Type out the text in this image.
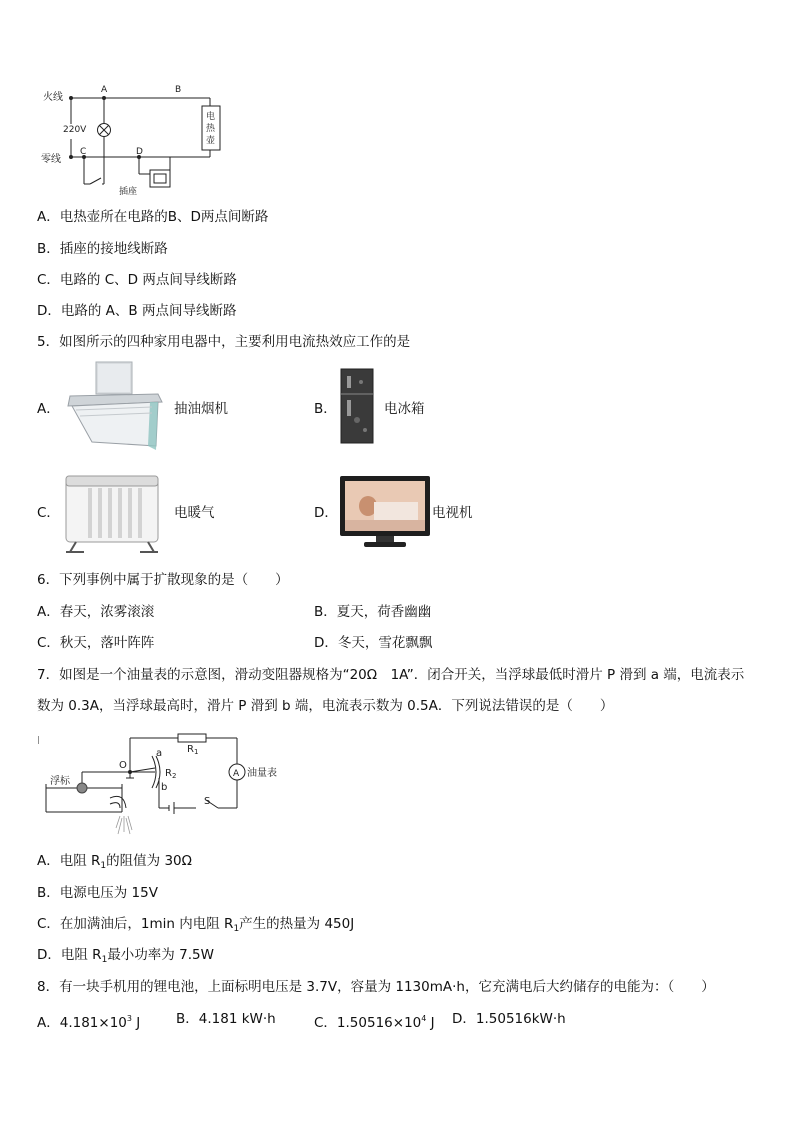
火线
零线
220V
A	B
C	D
电
热
壶
插座
A．电热壶所在电路的B、D两点间断路
B．插座的接地线断路
C．电路的 C、D 两点间导线断路
D．电路的 A、B 两点间导线断路
5．如图所示的四种家用电器中，主要利用电流热效应工作的是
A．	抽油烟机	B．	电冰箱
C．	电暖气	D．	电视机
6．下列事例中属于扩散现象的是（　　）
A．春天，浓雾滚滚	B．夏天，荷香幽幽
C．秋天，落叶阵阵	D．冬天，雪花飘飘
7．如图是一个油量表的示意图，滑动变阻器规格为“20Ω　1A”．闭合开关，当浮球最低时滑片 P 滑到 a 端，电流表示
数为 0.3A，当浮球最高时，滑片 P 滑到 b 端，电流表示数为 0.5A．下列说法错误的是（　　）
$R_1$
$R_2$
a
b
O
S
A 油量表
浮标
A．电阻 $R_1$的阻值为 30Ω
B．电源电压为 15V
C．在加满油后，1min 内电阻 $R_1$产生的热量为 450J
D．电阻 $R_1$最小功率为 7.5W
8．有一块手机用的锂电池，上面标明电压是 3.7V，容量为 1130mA·h，它充满电后大约储存的电能为：（　　）
A．$4.181\times 10^3$ J	B．4.181 kW·h	C．$1.50516\times 10^4$ J D．1.50516kW·h
